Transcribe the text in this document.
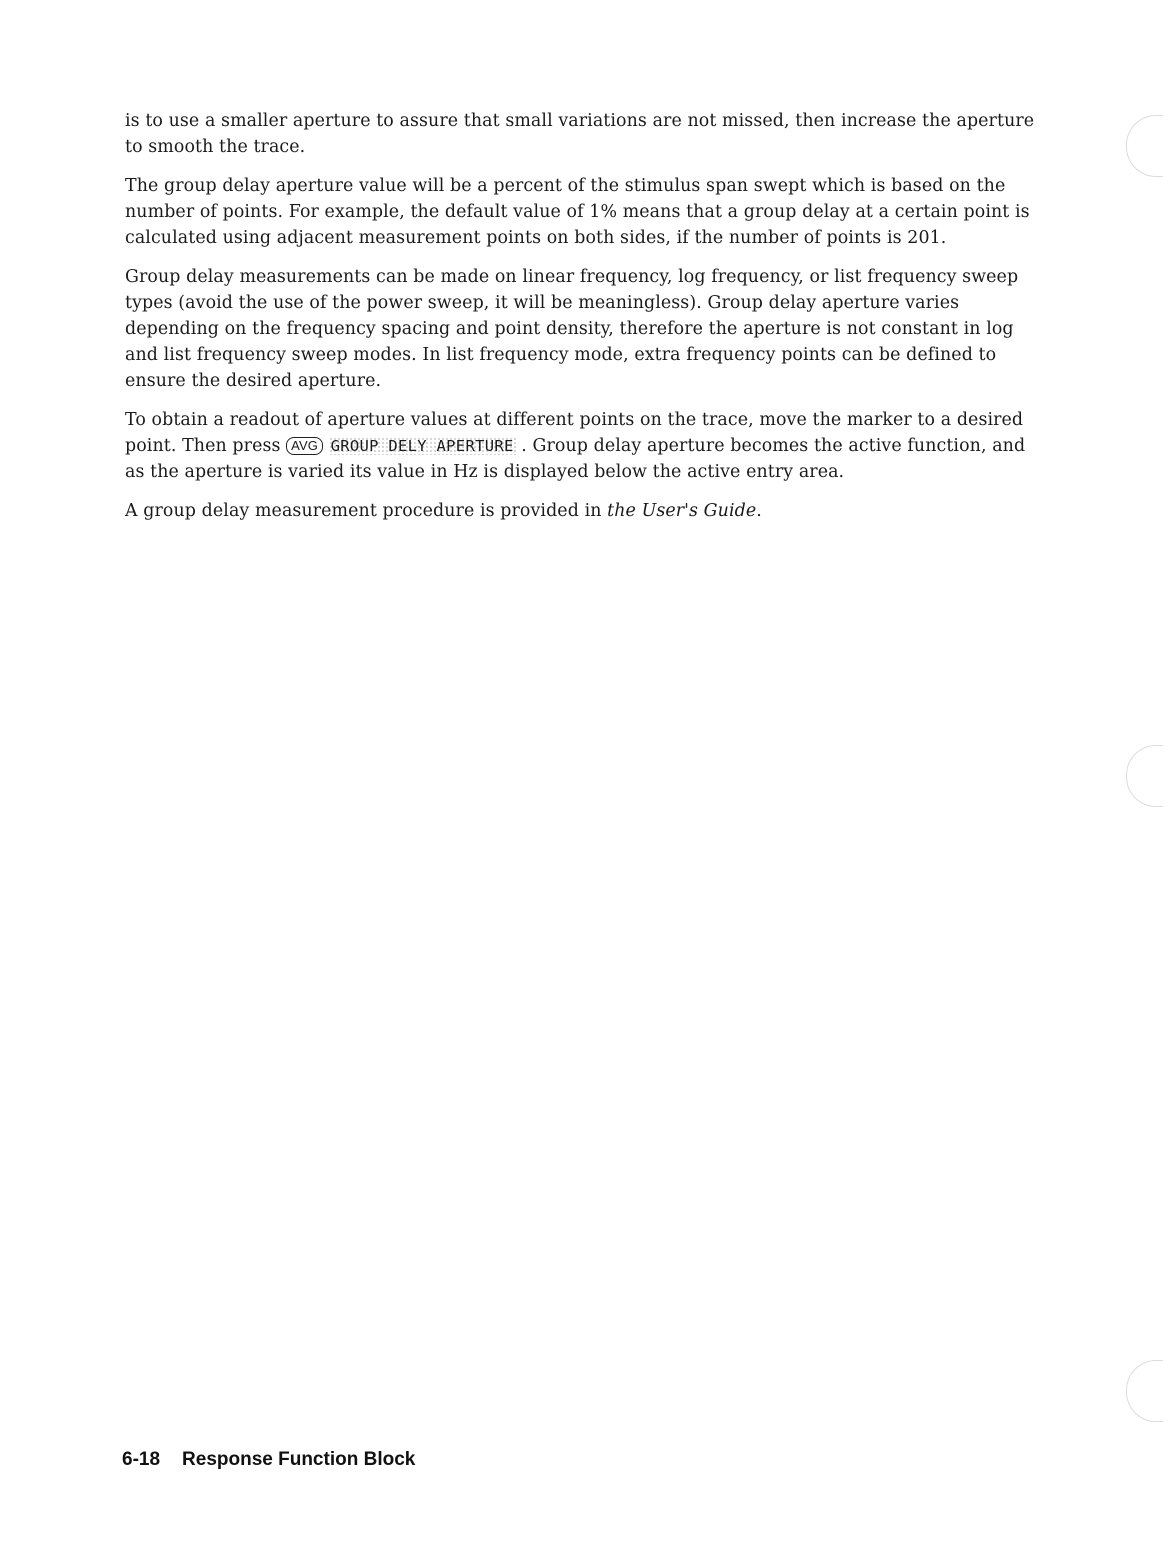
is to use a smaller aperture to assure that small variations are not missed, then increase the aperture to smooth the trace.

The group delay aperture value will be a percent of the stimulus span swept which is based on the number of points. For example, the default value of 1% means that a group delay at a certain point is calculated using adjacent measurement points on both sides, if the number of points is 201.

Group delay measurements can be made on linear frequency, log frequency, or list frequency sweep types (avoid the use of the power sweep, it will be meaningless). Group delay aperture varies depending on the frequency spacing and point density, therefore the aperture is not constant in log and list frequency sweep modes. In list frequency mode, extra frequency points can be defined to ensure the desired aperture.

To obtain a readout of aperture values at different points on the trace, move the marker to a desired point. Then press AVG GROUP DELY APERTURE . Group delay aperture becomes the active function, and as the aperture is varied its value in Hz is displayed below the active entry area.

A group delay measurement procedure is provided in the User's Guide.

6-18 Response Function Block
